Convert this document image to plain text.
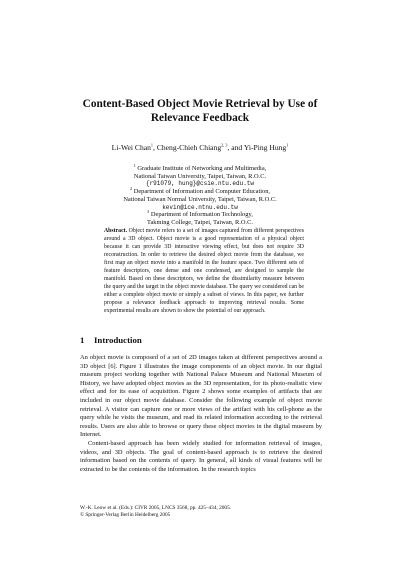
Content-Based Object Movie Retrieval by Use of
Relevance Feedback
Li-Wei Chan$^1$, Cheng-Chieh Chiang$^{2, 3}$, and Yi-Ping Hung$^1$
$^1$ Graduate Institute of Networking and Multimedia,
National Taiwan University, Taipei, Taiwan, R.O.C.
{r91079, hung}@csie.ntu.edu.tw
$^2$ Department of Information and Computer Education,
National Taiwan Normal University, Taipei, Taiwan, R.O.C.
kevin@ice.ntnu.edu.tw
$^3$ Department of Information Technology,
Takming College, Taipei, Taiwan, R.O.C.
Abstract. Object movie refers to a set of images captured from different perspectives around a 3D object. Object movie is a good representation of a physical object because it can provide 3D interactive viewing effect, but does not require 3D reconstruction. In order to retrieve the desired object movie from the database, we first map an object movie into a manifold in the feature space. Two different sets of feature descriptors, one dense and one condensed, are designed to sample the manifold. Based on these descriptors, we define the dissimilarity measure between the query and the target in the object movie database. The query we considered can be either a complete object movie or simply a subset of views. In this paper, we further propose a relevance feedback approach to improving retrieval results. Some experimental results are shown to show the potential of our approach.
1 Introduction

An object movie is composed of a set of 2D images taken at different perspectives around a 3D object [6]. Figure 1 illustrates the image components of an object movie. In our digital museum project working together with National Palace Museum and National Museum of History, we have adopted object movies as the 3D representation, for its photo-realistic view effect and for its ease of acquisition. Figure 2 shows some examples of artifacts that are included in our object movie database. Consider the following example of object movie retrieval. A visitor can capture one or more views of the artifact with his cell-phone as the query while he visits the museum, and read its related information according to the retrieval results. Users are also able to browse or query these object movies in the digital museum by Internet.

Content-based approach has been widely studied for information retrieval of images, videos, and 3D objects. The goal of content-based approach is to retrieve the desired information based on the contents of query. In general, all kinds of visual features will be extracted to be the contents of the information. In the research topics

W.-K. Leow et al. (Eds.): CIVR 2005, LNCS 3568, pp. 425–434, 2005.
© Springer-Verlag Berlin Heidelberg 2005
